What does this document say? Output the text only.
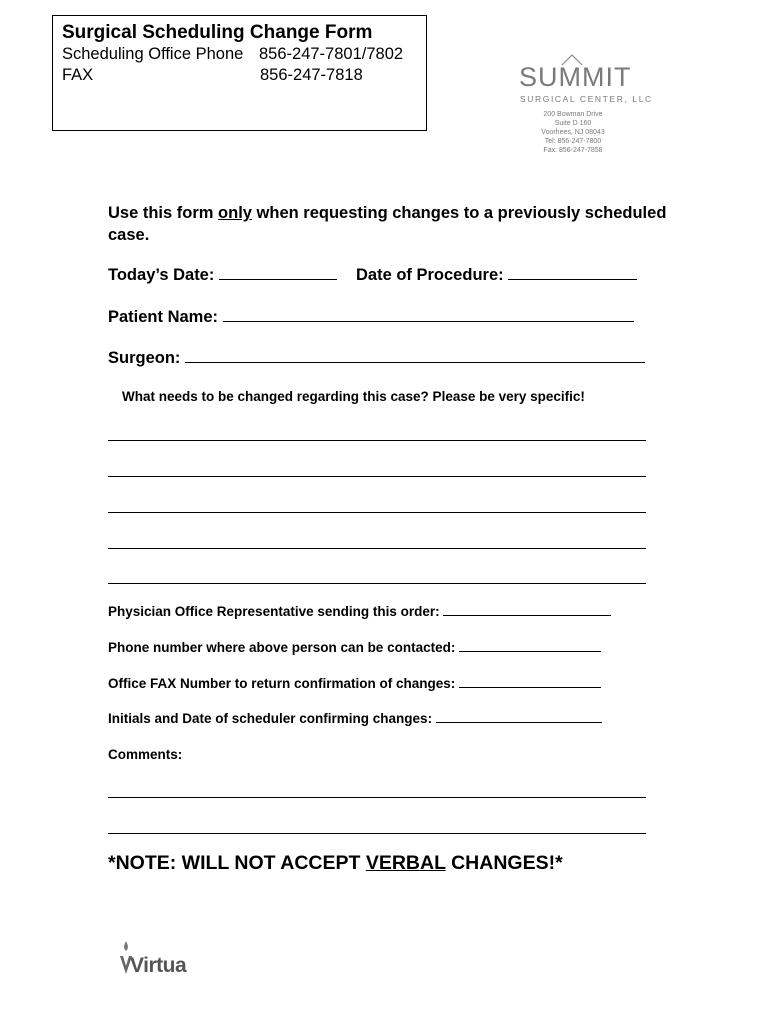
Surgical Scheduling Change Form
Scheduling Office Phone 856-247-7801/7802
FAX	856-247-7818	SUMMIT
SURGICAL CENTER, LLC
200 Bowman Drive
Suite D 160
Voorhees, NJ 08043
Tel: 856-247-7800
Fax: 856-247-7858
Use this form only when requesting changes to a previously scheduled case.
Today’s Date:	Date of Procedure:
Patient Name:
Surgeon:
What needs to be changed regarding this case? Please be very specific!
Physician Office Representative sending this order:
Phone number where above person can be contacted:
Office FAX Number to return confirmation of changes:
Initials and Date of scheduler confirming changes:
Comments:
*NOTE: WILL NOT ACCEPT VERBAL CHANGES!*
Virtua
